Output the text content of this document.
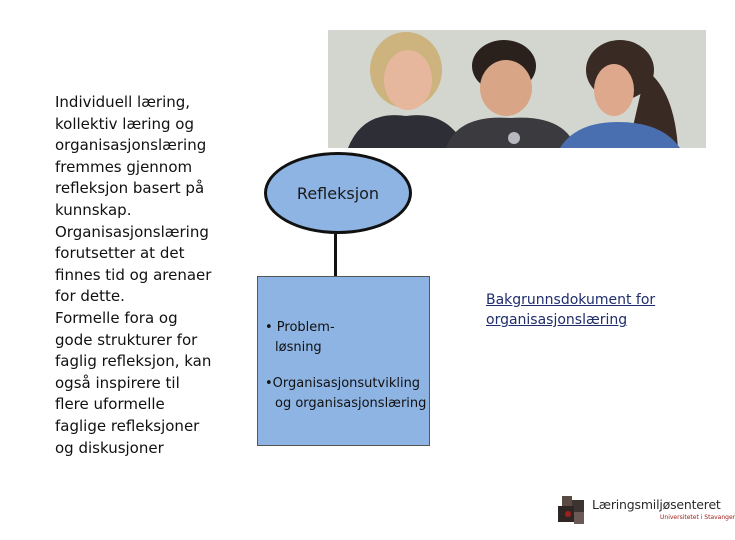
Individuell læring,
kollektiv læring og
organisasjonslæring
fremmes gjennom
refleksjon basert på
kunnskap.
Organisasjonslæring
forutsetter at det
finnes tid og arenaer
for dette.
Formelle fora og
gode strukturer for
faglig refleksjon, kan
også inspirere til
flere uformelle
faglige refleksjoner
og diskusjoner
Refleksjon
• Problem-
løsning
•Organisasjonsutvikling
og organisasjonslæring
Bakgrunnsdokument for
organisasjonslæring
Læringsmiljøsenteret
Universitetet i Stavanger
